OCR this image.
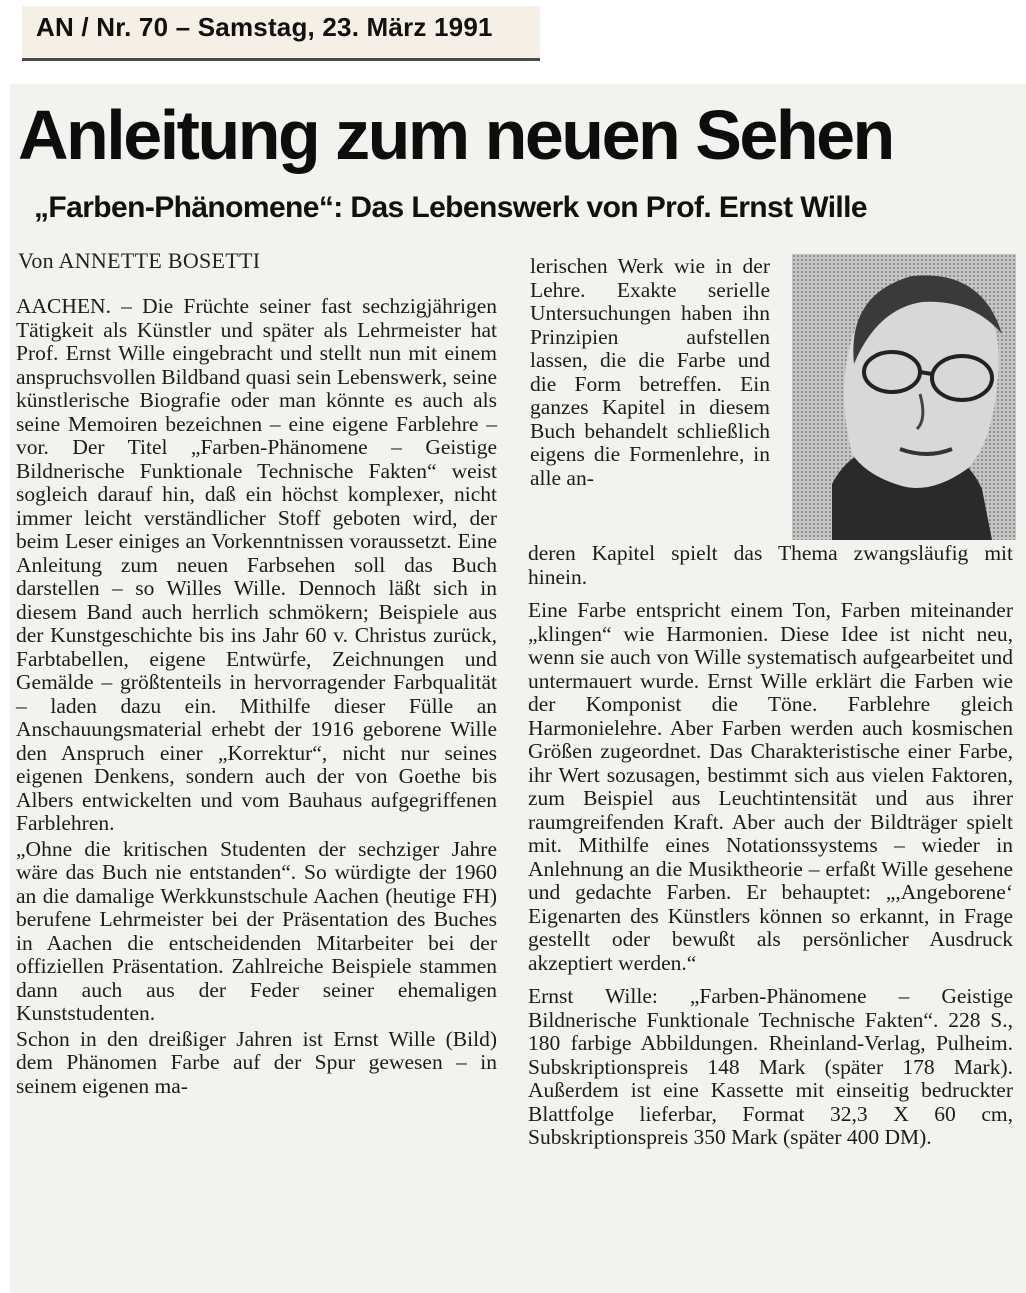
AN / Nr. 70 – Samstag, 23. März 1991
Anleitung zum neuen Sehen
„Farben-Phänomene“: Das Lebenswerk von Prof. Ernst Wille
Von ANNETTE BOSETTI

AACHEN. – Die Früchte seiner fast sechzigjährigen Tätigkeit als Künstler und später als Lehrmeister hat Prof. Ernst Wille eingebracht und stellt nun mit einem anspruchsvollen Bildband quasi sein Lebenswerk, seine künstlerische Biografie oder man könnte es auch als seine Memoiren bezeichnen – eine eigene Farblehre – vor. Der Titel „Farben-Phänomene – Geistige Bildnerische Funktionale Technische Fakten“ weist sogleich darauf hin, daß ein höchst komplexer, nicht immer leicht verständlicher Stoff geboten wird, der beim Leser einiges an Vorkenntnissen voraussetzt. Eine Anleitung zum neuen Farbsehen soll das Buch darstellen – so Willes Wille. Dennoch läßt sich in diesem Band auch herrlich schmökern; Beispiele aus der Kunstgeschichte bis ins Jahr 60 v. Christus zurück, Farbtabellen, eigene Entwürfe, Zeichnungen und Gemälde – größtenteils in hervorragender Farbqualität – laden dazu ein. Mithilfe dieser Fülle an Anschauungsmaterial erhebt der 1916 geborene Wille den Anspruch einer „Korrektur“, nicht nur seines eigenen Denkens, sondern auch der von Goethe bis Albers entwickelten und vom Bauhaus aufgegriffenen Farblehren.

„Ohne die kritischen Studenten der sechziger Jahre wäre das Buch nie entstanden“. So würdigte der 1960 an die damalige Werkkunstschule Aachen (heutige FH) berufene Lehrmeister bei der Präsentation des Buches in Aachen die entscheidenden Mitarbeiter bei der offiziellen Präsentation. Zahlreiche Beispiele stammen dann auch aus der Feder seiner ehemaligen Kunststudenten.

Schon in den dreißiger Jahren ist Ernst Wille (Bild) dem Phänomen Farbe auf der Spur gewesen – in seinem eigenen ma-

lerischen Werk wie in der Lehre. Exakte serielle Untersuchungen haben ihn Prinzipien aufstellen lassen, die die Farbe und die Form betreffen. Ein ganzes Kapitel in diesem Buch behandelt schließlich eigens die Formenlehre, in alle an-

deren Kapitel spielt das Thema zwangsläufig mit hinein.

Eine Farbe entspricht einem Ton, Farben miteinander „klingen“ wie Harmonien. Diese Idee ist nicht neu, wenn sie auch von Wille systematisch aufgearbeitet und untermauert wurde. Ernst Wille erklärt die Farben wie der Komponist die Töne. Farblehre gleich Harmonielehre. Aber Farben werden auch kosmischen Größen zugeordnet. Das Charakteristische einer Farbe, ihr Wert sozusagen, bestimmt sich aus vielen Faktoren, zum Beispiel aus Leuchtintensität und aus ihrer raumgreifenden Kraft. Aber auch der Bildträger spielt mit. Mithilfe eines Notationssystems – wieder in Anlehnung an die Musiktheorie – erfaßt Wille gesehene und gedachte Farben. Er behauptet: „,Angeborene‘ Eigenarten des Künstlers können so erkannt, in Frage gestellt oder bewußt als persönlicher Ausdruck akzeptiert werden.“

Ernst Wille: „Farben-Phänomene – Geistige Bildnerische Funktionale Technische Fakten“. 228 S., 180 farbige Abbildungen. Rheinland-Verlag, Pulheim. Subskriptionspreis 148 Mark (später 178 Mark). Außerdem ist eine Kassette mit einseitig bedruckter Blattfolge lieferbar, Format 32,3 X 60 cm, Subskriptionspreis 350 Mark (später 400 DM).
